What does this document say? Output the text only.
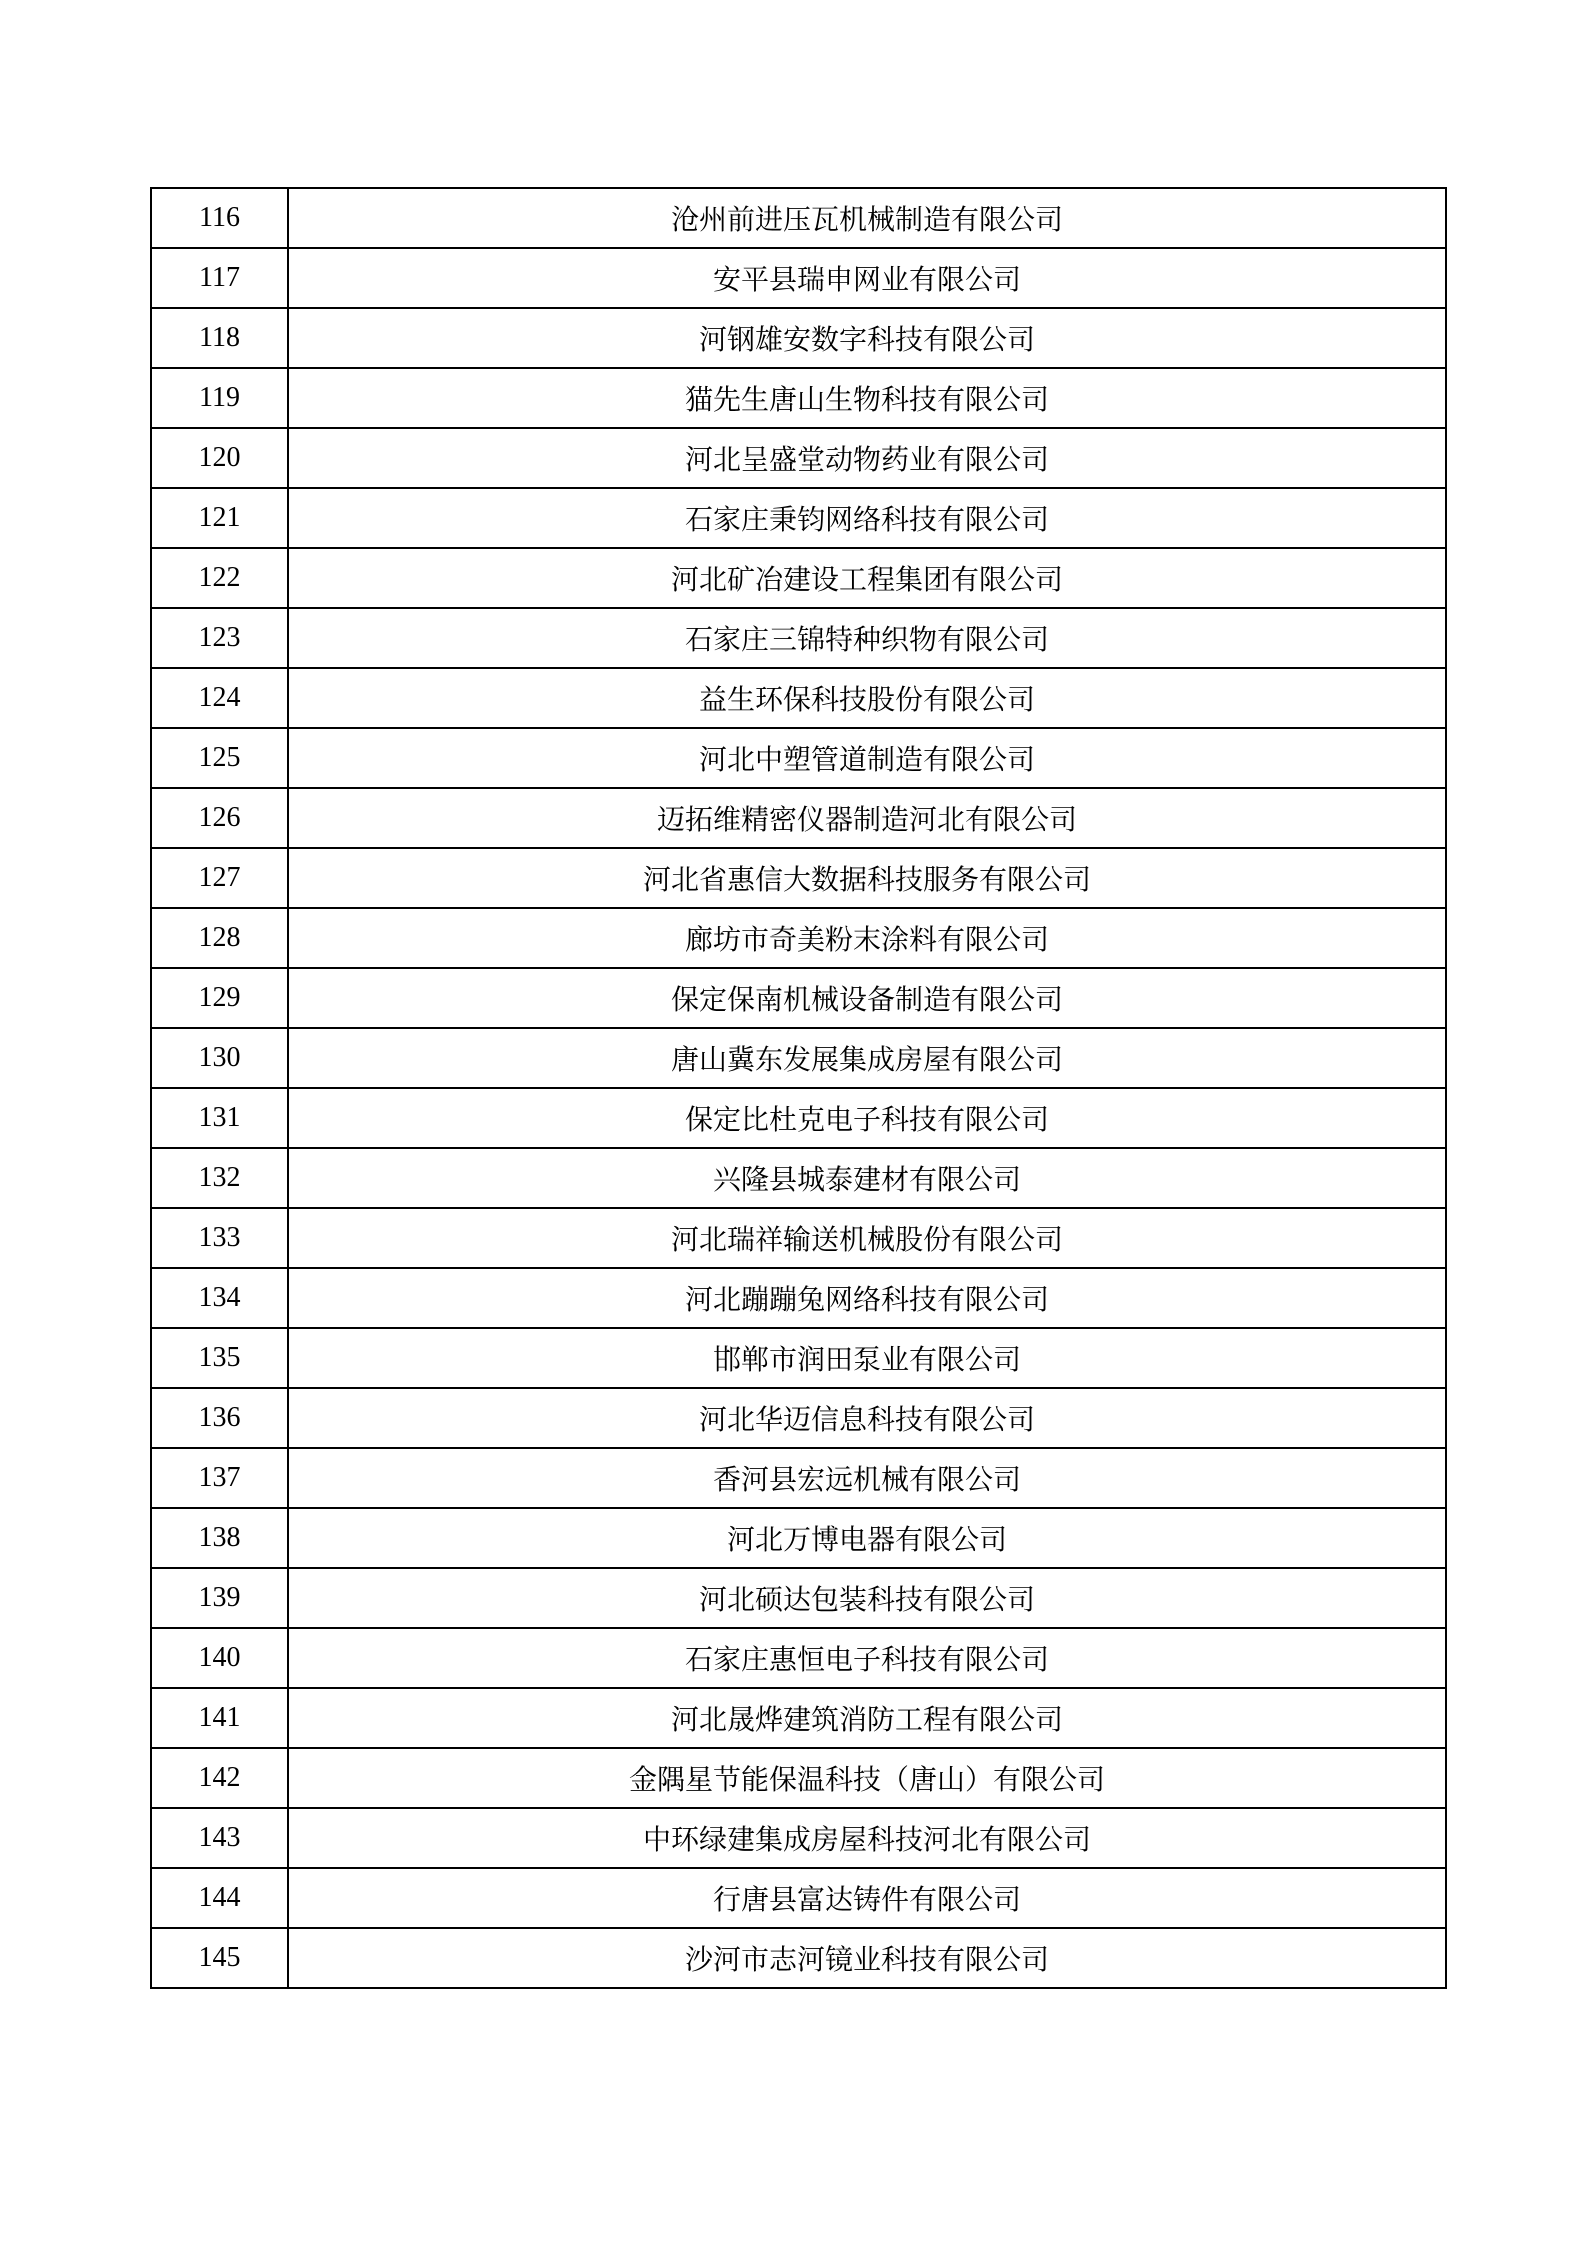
116	沧州前进压瓦机械制造有限公司
117	安平县瑞申网业有限公司
118	河钢雄安数字科技有限公司
119	猫先生唐山生物科技有限公司
120	河北呈盛堂动物药业有限公司
121	石家庄秉钧网络科技有限公司
122	河北矿冶建设工程集团有限公司
123	石家庄三锦特种织物有限公司
124	益生环保科技股份有限公司
125	河北中塑管道制造有限公司
126	迈拓维精密仪器制造河北有限公司
127	河北省惠信大数据科技服务有限公司
128	廊坊市奇美粉末涂料有限公司
129	保定保南机械设备制造有限公司
130	唐山冀东发展集成房屋有限公司
131	保定比杜克电子科技有限公司
132	兴隆县城泰建材有限公司
133	河北瑞祥输送机械股份有限公司
134	河北蹦蹦兔网络科技有限公司
135	邯郸市润田泵业有限公司
136	河北华迈信息科技有限公司
137	香河县宏远机械有限公司
138	河北万博电器有限公司
139	河北硕达包装科技有限公司
140	石家庄惠恒电子科技有限公司
141	河北晟烨建筑消防工程有限公司
142	金隅星节能保温科技（唐山）有限公司
143	中环绿建集成房屋科技河北有限公司
144	行唐县富达铸件有限公司
145	沙河市志河镜业科技有限公司
